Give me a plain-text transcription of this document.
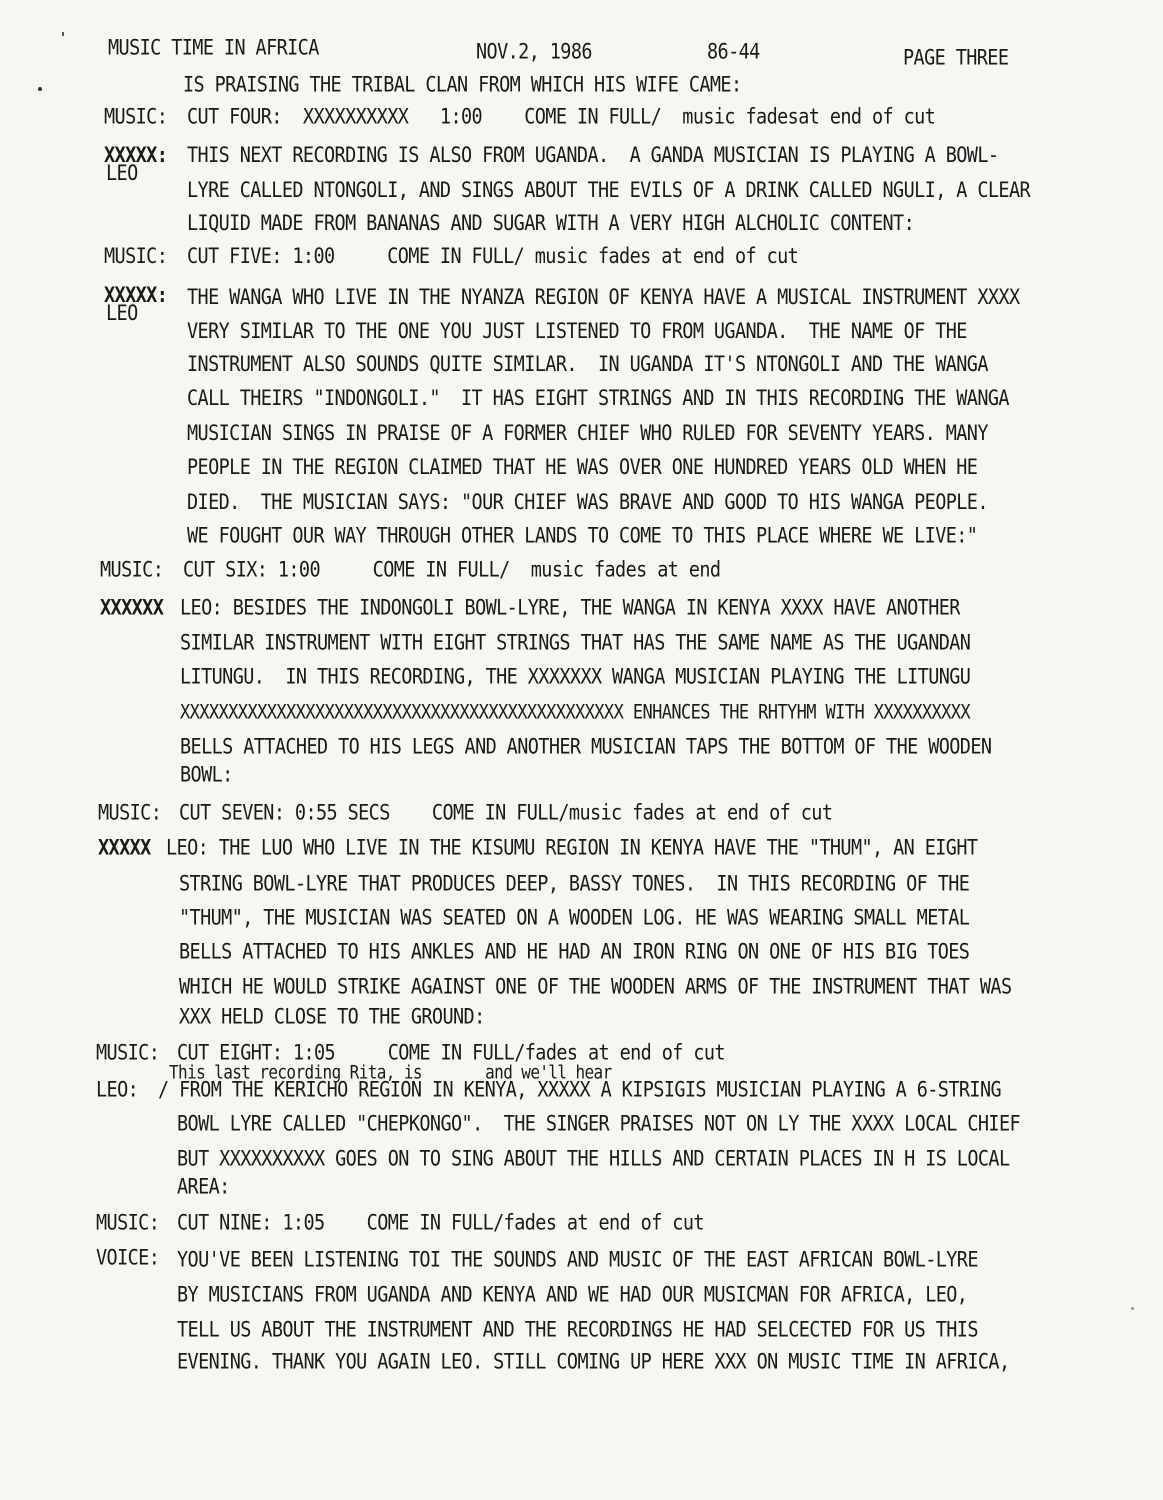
MUSIC TIME IN AFRICA	NOV.2, 1986	86-44	PAGE THREE
IS PRAISING THE TRIBAL CLAN FROM WHICH HIS WIFE CAME:
MUSIC: CUT FOUR:  XXXXXXXXXX   1:00    COME IN FULL/  music fadesat end of cut
XXXXX:
LEO
THIS NEXT RECORDING IS ALSO FROM UGANDA.  A GANDA MUSICIAN IS PLAYING A BOWL-
LYRE CALLED NTONGOLI, AND SINGS ABOUT THE EVILS OF A DRINK CALLED NGULI, A CLEAR
LIQUID MADE FROM BANANAS AND SUGAR WITH A VERY HIGH ALCHOLIC CONTENT:
MUSIC: CUT FIVE: 1:00     COME IN FULL/ music fades at end of cut
XXXXX:
LEO
THE WANGA WHO LIVE IN THE NYANZA REGION OF KENYA HAVE A MUSICAL INSTRUMENT XXXX
VERY SIMILAR TO THE ONE YOU JUST LISTENED TO FROM UGANDA.  THE NAME OF THE
INSTRUMENT ALSO SOUNDS QUITE SIMILAR.  IN UGANDA IT'S NTONGOLI AND THE WANGA
CALL THEIRS "INDONGOLI."  IT HAS EIGHT STRINGS AND IN THIS RECORDING THE WANGA
MUSICIAN SINGS IN PRAISE OF A FORMER CHIEF WHO RULED FOR SEVENTY YEARS. MANY
PEOPLE IN THE REGION CLAIMED THAT HE WAS OVER ONE HUNDRED YEARS OLD WHEN HE
DIED.  THE MUSICIAN SAYS: "OUR CHIEF WAS BRAVE AND GOOD TO HIS WANGA PEOPLE.
WE FOUGHT OUR WAY THROUGH OTHER LANDS TO COME TO THIS PLACE WHERE WE LIVE:"
MUSIC: CUT SIX: 1:00     COME IN FULL/  music fades at end
XXXXXX LEO: BESIDES THE INDONGOLI BOWL-LYRE, THE WANGA IN KENYA XXXX HAVE ANOTHER
SIMILAR INSTRUMENT WITH EIGHT STRINGS THAT HAS THE SAME NAME AS THE UGANDAN
LITUNGU.  IN THIS RECORDING, THE XXXXXXX WANGA MUSICIAN PLAYING THE LITUNGU
XXXXXXXXXXXXXXXXXXXXXXXXXXXXXXXXXXXXXXXXXXXXXX ENHANCES THE RHTYHM WITH XXXXXXXXXX
BELLS ATTACHED TO HIS LEGS AND ANOTHER MUSICIAN TAPS THE BOTTOM OF THE WOODEN
BOWL:
MUSIC: CUT SEVEN: 0:55 SECS    COME IN FULL/music fades at end of cut
XXXXX LEO: THE LUO WHO LIVE IN THE KISUMU REGION IN KENYA HAVE THE "THUM", AN EIGHT
STRING BOWL-LYRE THAT PRODUCES DEEP, BASSY TONES.  IN THIS RECORDING OF THE
"THUM", THE MUSICIAN WAS SEATED ON A WOODEN LOG. HE WAS WEARING SMALL METAL
BELLS ATTACHED TO HIS ANKLES AND HE HAD AN IRON RING ON ONE OF HIS BIG TOES
WHICH HE WOULD STRIKE AGAINST ONE OF THE WOODEN ARMS OF THE INSTRUMENT THAT WAS
XXX HELD CLOSE TO THE GROUND:
MUSIC: CUT EIGHT: 1:05     COME IN FULL/fades at end of cut
This last recording Rita, is       and we'll hear
LEO: / FROM THE KERICHO REGION IN KENYA, XXXXX A KIPSIGIS MUSICIAN PLAYING A 6-STRING
BOWL LYRE CALLED "CHEPKONGO".  THE SINGER PRAISES NOT ON LY THE XXXX LOCAL CHIEF
BUT XXXXXXXXXX GOES ON TO SING ABOUT THE HILLS AND CERTAIN PLACES IN H IS LOCAL
AREA:
MUSIC: CUT NINE: 1:05    COME IN FULL/fades at end of cut
VOICE: YOU'VE BEEN LISTENING TOI THE SOUNDS AND MUSIC OF THE EAST AFRICAN BOWL-LYRE
BY MUSICIANS FROM UGANDA AND KENYA AND WE HAD OUR MUSICMAN FOR AFRICA, LEO,
TELL US ABOUT THE INSTRUMENT AND THE RECORDINGS HE HAD SELCECTED FOR US THIS
EVENING. THANK YOU AGAIN LEO. STILL COMING UP HERE XXX ON MUSIC TIME IN AFRICA,
